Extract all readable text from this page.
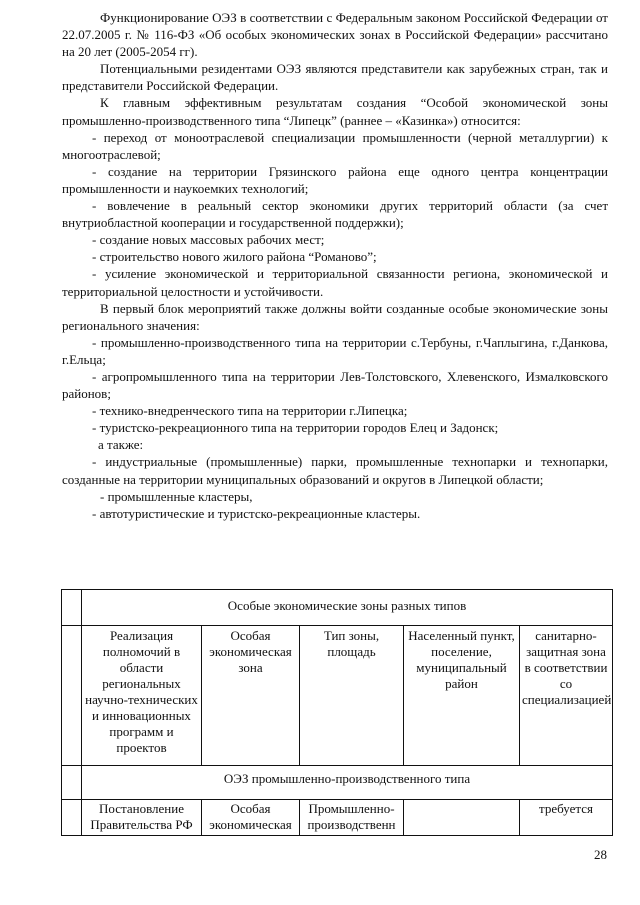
Функционирование ОЭЗ в соответствии с Федеральным законом Российской Федерации от 22.07.2005 г. № 116-ФЗ «Об особых экономических зонах в Российской Федерации» рассчитано на 20 лет (2005-2054 гг).

Потенциальными резидентами ОЭЗ являются представители как зарубежных стран, так и представители Российской Федерации.

К главным эффективным результатам создания “Особой экономической зоны промышленно-производственного типа “Липецк” (раннее – «Казинка») относится:

- переход от моноотраслевой специализации промышленности (черной металлургии) к многоотраслевой;

- создание на территории Грязинского района еще одного центра концентрации промышленности и наукоемких технологий;

- вовлечение в реальный сектор экономики других территорий области (за счет внутриобластной кооперации и государственной поддержки);

- создание новых массовых рабочих мест;

- строительство нового жилого района “Романово”;

- усиление экономической и территориальной связанности региона, экономической и территориальной целостности и устойчивости.

В первый блок мероприятий также должны войти созданные особые экономические зоны регионального значения:

- промышленно-производственного типа на территории с.Тербуны, г.Чаплыгина, г.Данкова, г.Ельца;

- агропромышленного типа на территории Лев-Толстовского, Хлевенского, Измалковского районов;

- технико-внедренческого типа на территории г.Липецка;

- туристско-рекреационного типа на территории городов Елец и Задонск;

а также:

- индустриальные (промышленные) парки, промышленные технопарки и технопарки, созданные на территории муниципальных образований и округов в Липецкой области;

- промышленные кластеры,

- автотуристические и туристско-рекреационные кластеры.

	Особые экономические зоны разных типов				
	Реализация полномочий в области региональных научно-технических и инновационных программ и проектов	Особая экономическая зона	Тип зоны, площадь	Населенный пункт, поселение, муниципальный район	санитарно-защитная зона в соответствии со специализацией
	ОЭЗ промышленно-производственного типа				
	Постановление Правительства РФ	Особая экономическая	Промышленно-производственн		требуется
28
